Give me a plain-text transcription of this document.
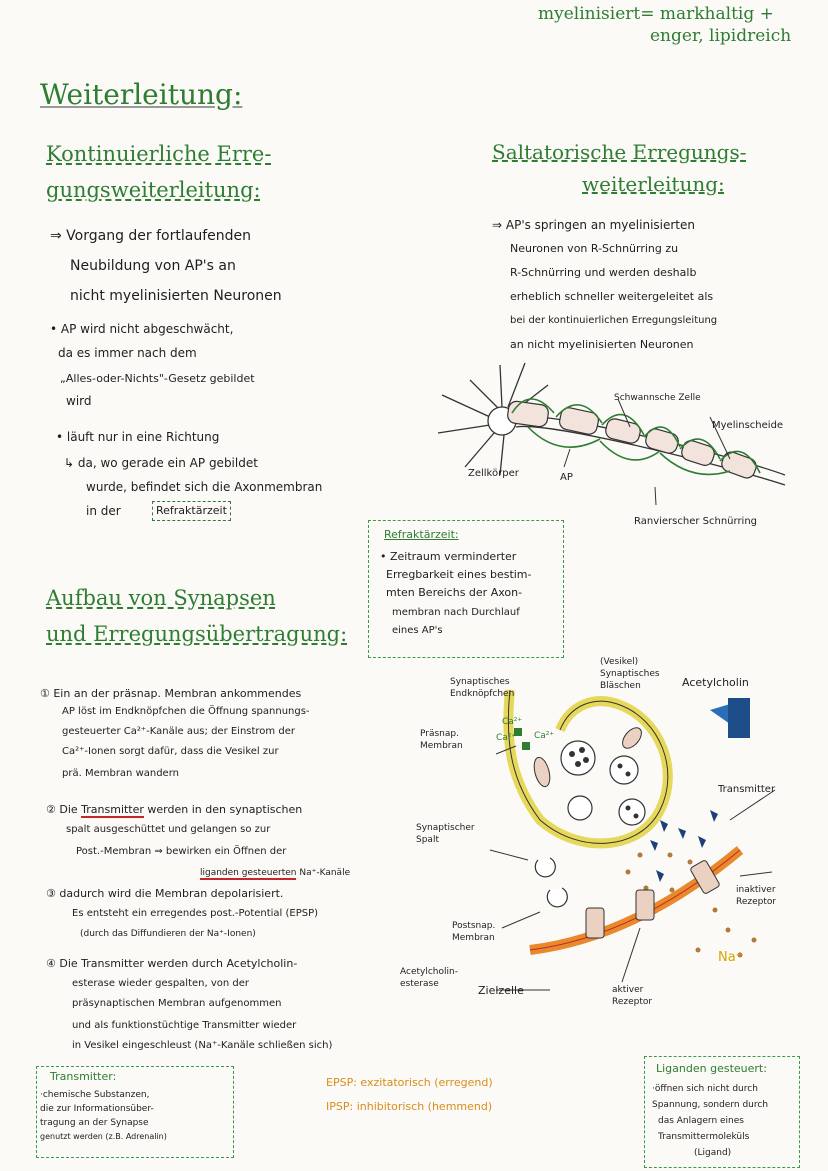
myelinisiert= markhaltig +
enger, lipidreich
Weiterleitung:
Kontinuierliche Erre-
gungsweiterleitung:
⇒ Vorgang der fortlaufenden
Neubildung von AP's an
nicht myelinisierten Neuronen
• AP wird nicht abgeschwächt,
da es immer nach dem
„Alles-oder-Nichts"-Gesetz gebildet
wird
• läuft nur in eine Richtung
↳ da, wo gerade ein AP gebildet
wurde, befindet sich die Axonmembran
in der	Refraktärzeit
Saltatorische Erregungs-
weiterleitung:
⇒ AP's springen an myelinisierten
Neuronen von R-Schnürring zu
R-Schnürring und werden deshalb
erheblich schneller weitergeleitet als
bei der kontinuierlichen Erregungsleitung
an nicht myelinisierten Neuronen
Schwannsche Zelle
Myelinscheide
Zellkörper	AP
Ranvierscher Schnürring
Refraktärzeit:
• Zeitraum verminderter
Erregbarkeit eines bestim-
mten Bereichs der Axon-
membran nach Durchlauf
eines AP's
Aufbau von Synapsen
und Erregungsübertragung:
① Ein an der präsnap. Membran ankommendes
AP löst im Endknöpfchen die Öffnung spannungs-
gesteuerter Ca²⁺-Kanäle aus; der Einstrom der
Ca²⁺-Ionen sorgt dafür, dass die Vesikel zur
prä. Membran wandern
② Die Transmitter werden in den synaptischen
spalt ausgeschüttet und gelangen so zur
Post.-Membran ⇒ bewirken ein Öffnen der
liganden gesteuerten Na⁺-Kanäle
③ dadurch wird die Membran depolarisiert.
Es entsteht ein erregendes post.-Potential (EPSP)
(durch das Diffundieren der Na⁺-Ionen)
④ Die Transmitter werden durch Acetylcholin-
esterase wieder gespalten, von der
präsynaptischen Membran aufgenommen
und als funktionstüchtige Transmitter wieder
in Vesikel eingeschleust (Na⁺-Kanäle schließen sich)
Ca²⁺
Ca²⁺ Ca²⁺
Synaptisches Endknöpfchen
(Vesikel) Synaptisches Bläschen	Acetylcholin
Präsnap. Membran
Transmitter
Synaptischer Spalt
inaktiver Rezeptor
Postsnap. Membran
Na⁺
Acetylcholin-esterase	Zielzelle	aktiver Rezeptor
Transmitter:
·chemische Substanzen,
die zur Informationsüber-
tragung an der Synapse
genutzt werden (z.B. Adrenalin)
EPSP: exzitatorisch (erregend)
IPSP: inhibitorisch (hemmend)
Liganden gesteuert:
·öffnen sich nicht durch
Spannung, sondern durch
das Anlagern eines
Transmittermoleküls
(Ligand)
